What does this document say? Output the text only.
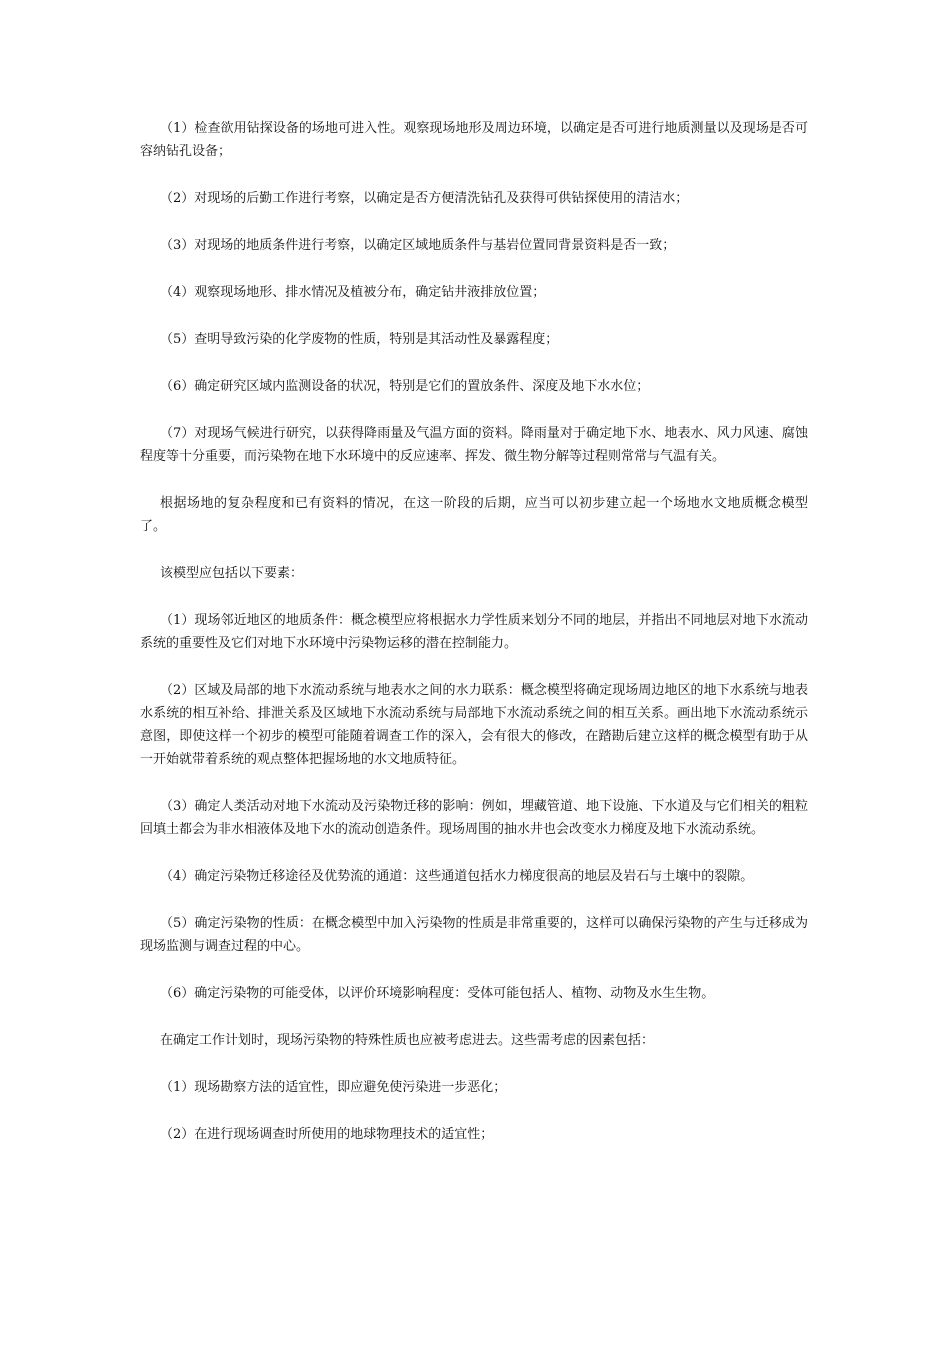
（1）检查欲用钻探设备的场地可进入性。观察现场地形及周边环境，以确定是否可进行地质测量以及现场是否可容纳钻孔设备；

（2）对现场的后勤工作进行考察，以确定是否方便清洗钻孔及获得可供钻探使用的清洁水；

（3）对现场的地质条件进行考察，以确定区域地质条件与基岩位置同背景资料是否一致；

（4）观察现场地形、排水情况及植被分布，确定钻井液排放位置；

（5）查明导致污染的化学废物的性质，特别是其活动性及暴露程度；

（6）确定研究区域内监测设备的状况，特别是它们的置放条件、深度及地下水水位；

（7）对现场气候进行研究，以获得降雨量及气温方面的资料。降雨量对于确定地下水、地表水、风力风速、腐蚀程度等十分重要，而污染物在地下水环境中的反应速率、挥发、微生物分解等过程则常常与气温有关。

根据场地的复杂程度和已有资料的情况，在这一阶段的后期，应当可以初步建立起一个场地水文地质概念模型了。

该模型应包括以下要素：

（1）现场邻近地区的地质条件：概念模型应将根据水力学性质来划分不同的地层，并指出不同地层对地下水流动系统的重要性及它们对地下水环境中污染物运移的潜在控制能力。

（2）区域及局部的地下水流动系统与地表水之间的水力联系：概念模型将确定现场周边地区的地下水系统与地表水系统的相互补给、排泄关系及区域地下水流动系统与局部地下水流动系统之间的相互关系。画出地下水流动系统示意图，即使这样一个初步的模型可能随着调查工作的深入，会有很大的修改，在踏勘后建立这样的概念模型有助于从一开始就带着系统的观点整体把握场地的水文地质特征。

（3）确定人类活动对地下水流动及污染物迁移的影响：例如，埋藏管道、地下设施、下水道及与它们相关的粗粒回填土都会为非水相液体及地下水的流动创造条件。现场周围的抽水井也会改变水力梯度及地下水流动系统。

（4）确定污染物迁移途径及优势流的通道：这些通道包括水力梯度很高的地层及岩石与土壤中的裂隙。

（5）确定污染物的性质：在概念模型中加入污染物的性质是非常重要的，这样可以确保污染物的产生与迁移成为现场监测与调查过程的中心。

（6）确定污染物的可能受体，以评价环境影响程度：受体可能包括人、植物、动物及水生生物。

在确定工作计划时，现场污染物的特殊性质也应被考虑进去。这些需考虑的因素包括：

（1）现场勘察方法的适宜性，即应避免使污染进一步恶化；

（2）在进行现场调查时所使用的地球物理技术的适宜性；
